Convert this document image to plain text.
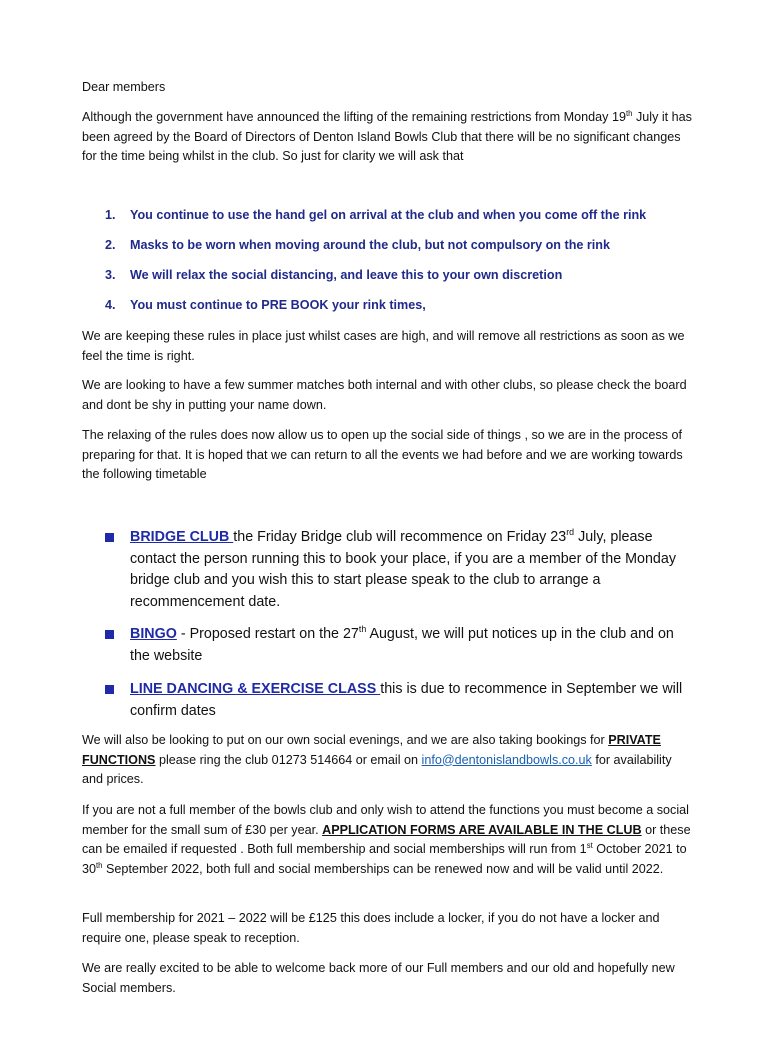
Dear members

Although the government have announced the lifting of the remaining restrictions from Monday 19th July it has been agreed by the Board of Directors of Denton Island Bowls Club that there will be no significant changes for the time being whilst in the club. So just for clarity we will ask that

1. You continue to use the hand gel on arrival at the club and when you come off the rink
2. Masks to be worn when moving around the club, but not compulsory on the rink
3. We will relax the social distancing, and leave this to your own discretion
4. You must continue to PRE BOOK your rink times,

We are keeping these rules in place just whilst cases are high, and will remove all restrictions as soon as we feel the time is right.

We are looking to have a few summer matches both internal and with other clubs, so please check the board and dont be shy in putting your name down.

The relaxing of the rules does now allow us to open up the social side of things , so we are in the process of preparing for that. It is hoped that we can return to all the events we had before and we are working towards the following timetable

BRIDGE CLUB the Friday Bridge club will recommence on Friday 23rd July, please contact the person running this to book your place, if you are a member of the Monday bridge club and you wish this to start please speak to the club to arrange a recommencement date.
BINGO - Proposed restart on the 27th August, we will put notices up in the club and on the website
LINE DANCING & EXERCISE CLASS this is due to recommence in September we will confirm dates

We will also be looking to put on our own social evenings, and we are also taking bookings for PRIVATE FUNCTIONS please ring the club 01273 514664 or email on info@dentonislandbowls.co.uk for availability and prices.

If you are not a full member of the bowls club and only wish to attend the functions you must become a social member for the small sum of £30 per year. APPLICATION FORMS ARE AVAILABLE IN THE CLUB or these can be emailed if requested . Both full membership and social memberships will run from 1st October 2021 to 30th September 2022, both full and social memberships can be renewed now and will be valid until 2022.

Full membership for 2021 – 2022 will be £125 this does include a locker, if you do not have a locker and require one, please speak to reception.

We are really excited to be able to welcome back more of our Full members and our old and hopefully new Social members.
